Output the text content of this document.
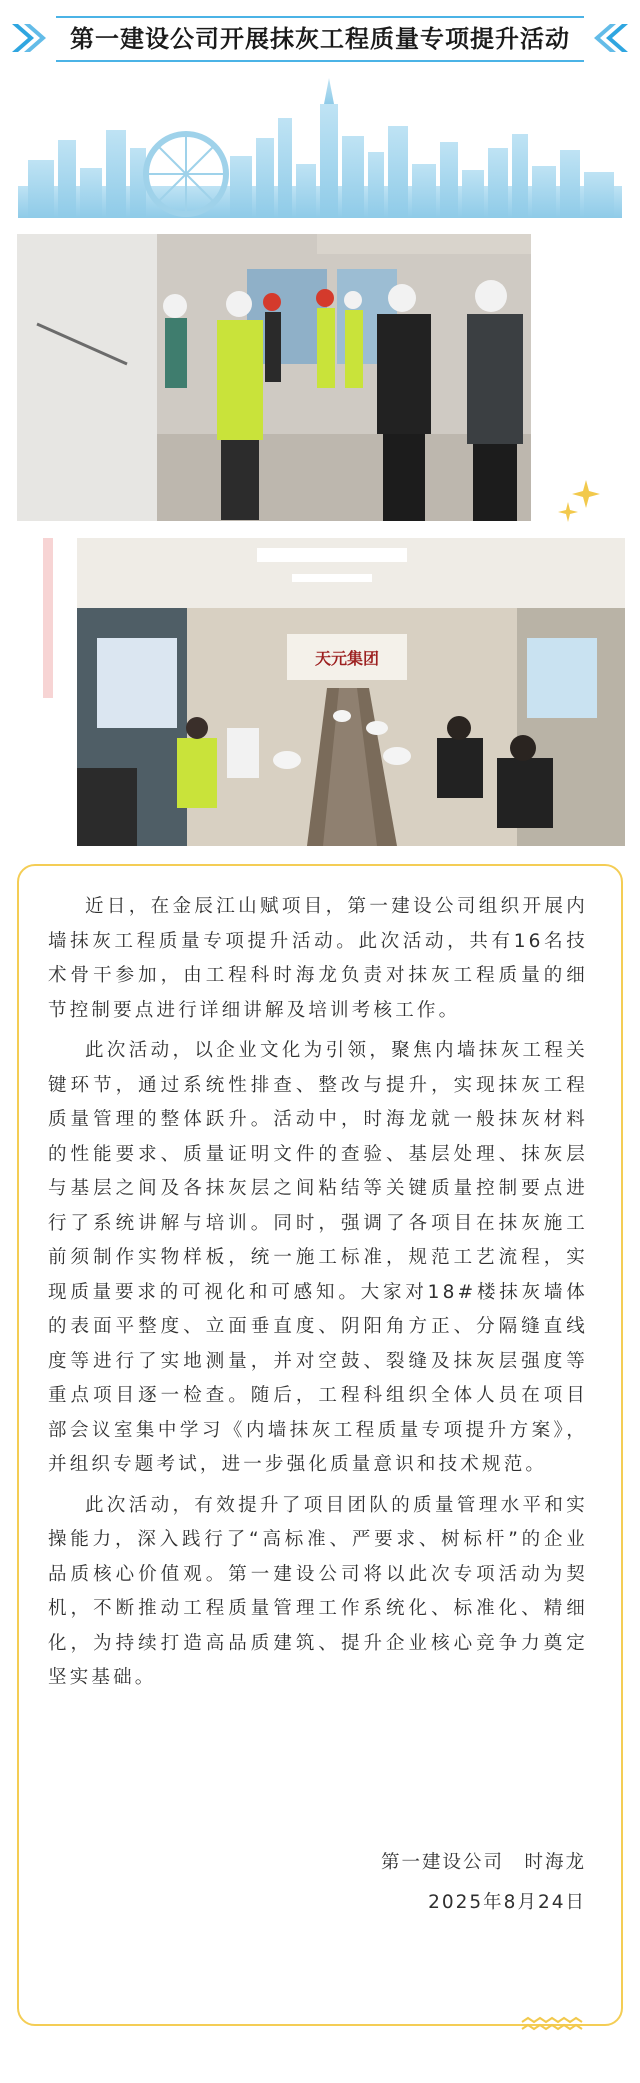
第一建设公司开展抹灰工程质量专项提升活动
天元集团

近日，在金辰江山赋项目，第一建设公司组织开展内墙抹灰工程质量专项提升活动。此次活动，共有16名技术骨干参加，由工程科时海龙负责对抹灰工程质量的细节控制要点进行详细讲解及培训考核工作。

此次活动，以企业文化为引领，聚焦内墙抹灰工程关键环节，通过系统性排查、整改与提升，实现抹灰工程质量管理的整体跃升。活动中，时海龙就一般抹灰材料的性能要求、质量证明文件的查验、基层处理、抹灰层与基层之间及各抹灰层之间粘结等关键质量控制要点进行了系统讲解与培训。同时，强调了各项目在抹灰施工前须制作实物样板，统一施工标准，规范工艺流程，实现质量要求的可视化和可感知。大家对18#楼抹灰墙体的表面平整度、立面垂直度、阴阳角方正、分隔缝直线度等进行了实地测量，并对空鼓、裂缝及抹灰层强度等重点项目逐一检查。随后，工程科组织全体人员在项目部会议室集中学习《内墙抹灰工程质量专项提升方案》，并组织专题考试，进一步强化质量意识和技术规范。

此次活动，有效提升了项目团队的质量管理水平和实操能力，深入践行了“高标准、严要求、树标杆”的企业品质核心价值观。第一建设公司将以此次专项活动为契机，不断推动工程质量管理工作系统化、标准化、精细化，为持续打造高品质建筑、提升企业核心竞争力奠定坚实基础。

第一建设公司　时海龙
2025年8月24日
